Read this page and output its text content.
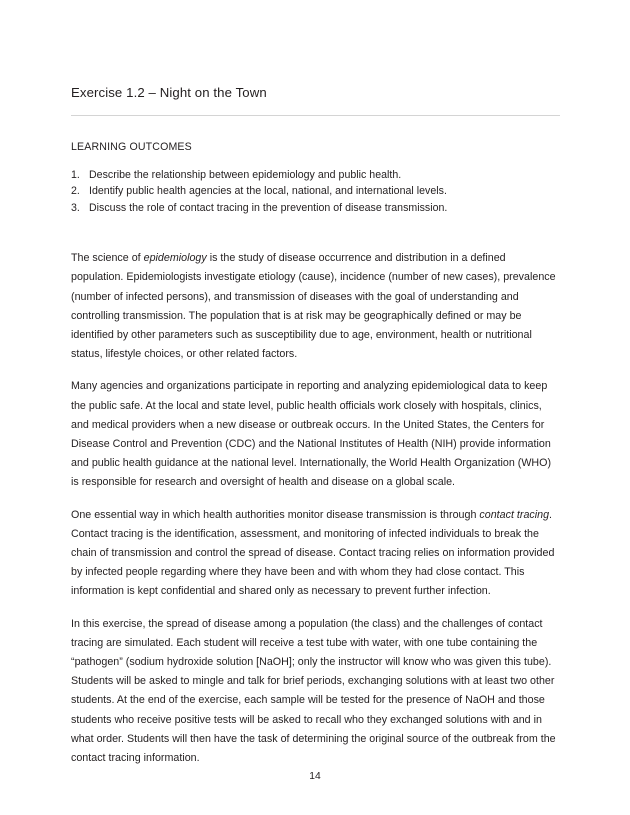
Exercise 1.2 – Night on the Town
LEARNING OUTCOMES
1. Describe the relationship between epidemiology and public health.
2. Identify public health agencies at the local, national, and international levels.
3. Discuss the role of contact tracing in the prevention of disease transmission.

The science of epidemiology is the study of disease occurrence and distribution in a defined population. Epidemiologists investigate etiology (cause), incidence (number of new cases), prevalence (number of infected persons), and transmission of diseases with the goal of understanding and controlling transmission. The population that is at risk may be geographically defined or may be identified by other parameters such as susceptibility due to age, environment, health or nutritional status, lifestyle choices, or other related factors.

Many agencies and organizations participate in reporting and analyzing epidemiological data to keep the public safe. At the local and state level, public health officials work closely with hospitals, clinics, and medical providers when a new disease or outbreak occurs. In the United States, the Centers for Disease Control and Prevention (CDC) and the National Institutes of Health (NIH) provide information and public health guidance at the national level. Internationally, the World Health Organization (WHO) is responsible for research and oversight of health and disease on a global scale.

One essential way in which health authorities monitor disease transmission is through contact tracing. Contact tracing is the identification, assessment, and monitoring of infected individuals to break the chain of transmission and control the spread of disease. Contact tracing relies on information provided by infected people regarding where they have been and with whom they had close contact. This information is kept confidential and shared only as necessary to prevent further infection.

In this exercise, the spread of disease among a population (the class) and the challenges of contact tracing are simulated. Each student will receive a test tube with water, with one tube containing the “pathogen” (sodium hydroxide solution [NaOH]; only the instructor will know who was given this tube). Students will be asked to mingle and talk for brief periods, exchanging solutions with at least two other students. At the end of the exercise, each sample will be tested for the presence of NaOH and those students who receive positive tests will be asked to recall who they exchanged solutions with and in what order. Students will then have the task of determining the original source of the outbreak from the contact tracing information.

14
